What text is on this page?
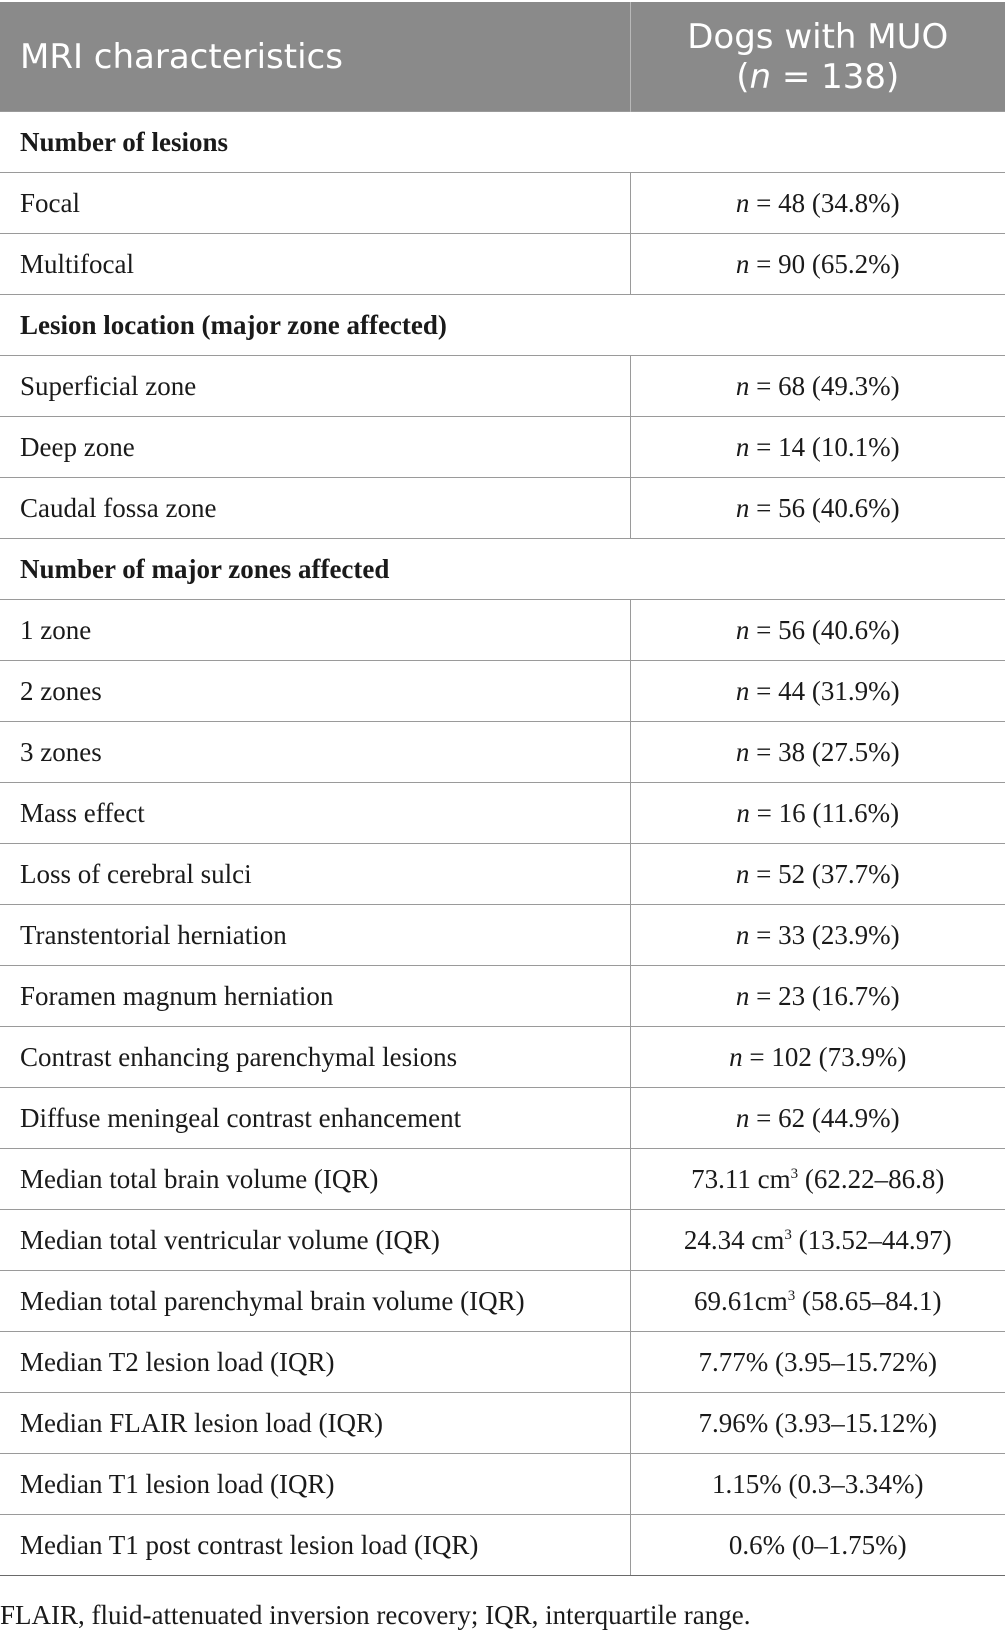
MRI characteristics	Dogs with MUO
(n = 138)
Number of lesions	
Focal	n = 48 (34.8%)
Multifocal	n = 90 (65.2%)
Lesion location (major zone affected)	
Superficial zone	n = 68 (49.3%)
Deep zone	n = 14 (10.1%)
Caudal fossa zone	n = 56 (40.6%)
Number of major zones affected	
1 zone	n = 56 (40.6%)
2 zones	n = 44 (31.9%)
3 zones	n = 38 (27.5%)
Mass effect	n = 16 (11.6%)
Loss of cerebral sulci	n = 52 (37.7%)
Transtentorial herniation	n = 33 (23.9%)
Foramen magnum herniation	n = 23 (16.7%)
Contrast enhancing parenchymal lesions	n = 102 (73.9%)
Diffuse meningeal contrast enhancement	n = 62 (44.9%)
Median total brain volume (IQR)	73.11 $cm^3$ (62.22–86.8)
Median total ventricular volume (IQR)	24.34 $cm^3$ (13.52–44.97)
Median total parenchymal brain volume (IQR)	$69.61cm^3$ (58.65–84.1)
Median T2 lesion load (IQR)	7.77% (3.95–15.72%)
Median FLAIR lesion load (IQR)	7.96% (3.93–15.12%)
Median T1 lesion load (IQR)	1.15% (0.3–3.34%)
Median T1 post contrast lesion load (IQR)	0.6% (0–1.75%)
FLAIR, fluid-attenuated inversion recovery; IQR, interquartile range.
